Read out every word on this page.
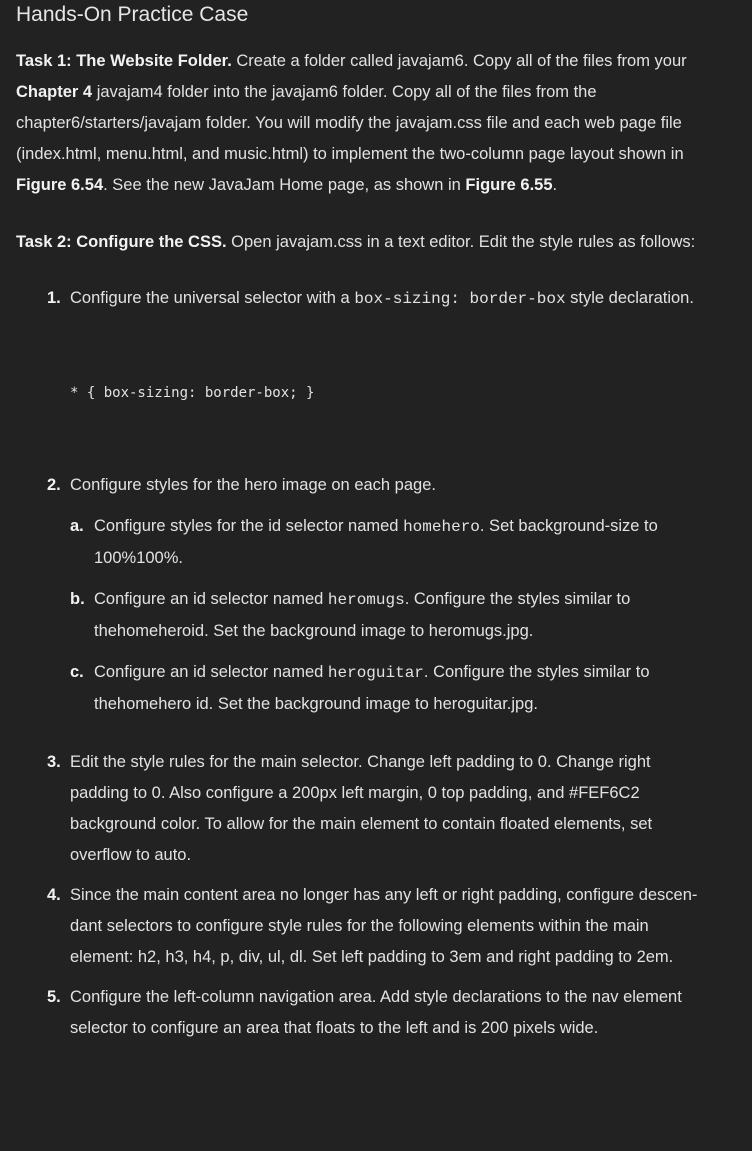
Hands-On Practice Case

Task 1: The Website Folder. Create a folder called javajam6. Copy all of the files from your Chapter 4 javajam4 folder into the javajam6 folder. Copy all of the files from the chapter6/starters/javajam folder. You will modify the javajam.css file and each web page file (index.html, menu.html, and music.html) to implement the two-column page layout shown in Figure 6.54. See the new JavaJam Home page, as shown in Figure 6.55.

Task 2: Configure the CSS. Open javajam.css in a text editor. Edit the style rules as follows:

1. Configure the universal selector with a box-sizing: border-box style declaration.
* { box-sizing: border-box; }
2. Configure styles for the hero image on each page.
a. Configure styles for the id selector named homehero. Set background-size to 100%100%.
b. Configure an id selector named heromugs. Configure the styles similar to thehomeheroid. Set the background image to heromugs.jpg.
c. Configure an id selector named heroguitar. Configure the styles similar to thehomehero id. Set the background image to heroguitar.jpg.
3. Edit the style rules for the main selector. Change left padding to 0. Change right padding to 0. Also configure a 200px left margin, 0 top padding, and #FEF6C2 background color. To allow for the main element to contain floated elements, set overflow to auto.
4. Since the main content area no longer has any left or right padding, configure descen-dant selectors to configure style rules for the following elements within the main element: h2, h3, h4, p, div, ul, dl. Set left padding to 3em and right padding to 2em.
5. Configure the left-column navigation area. Add style declarations to the nav element selector to configure an area that floats to the left and is 200 pixels wide.
